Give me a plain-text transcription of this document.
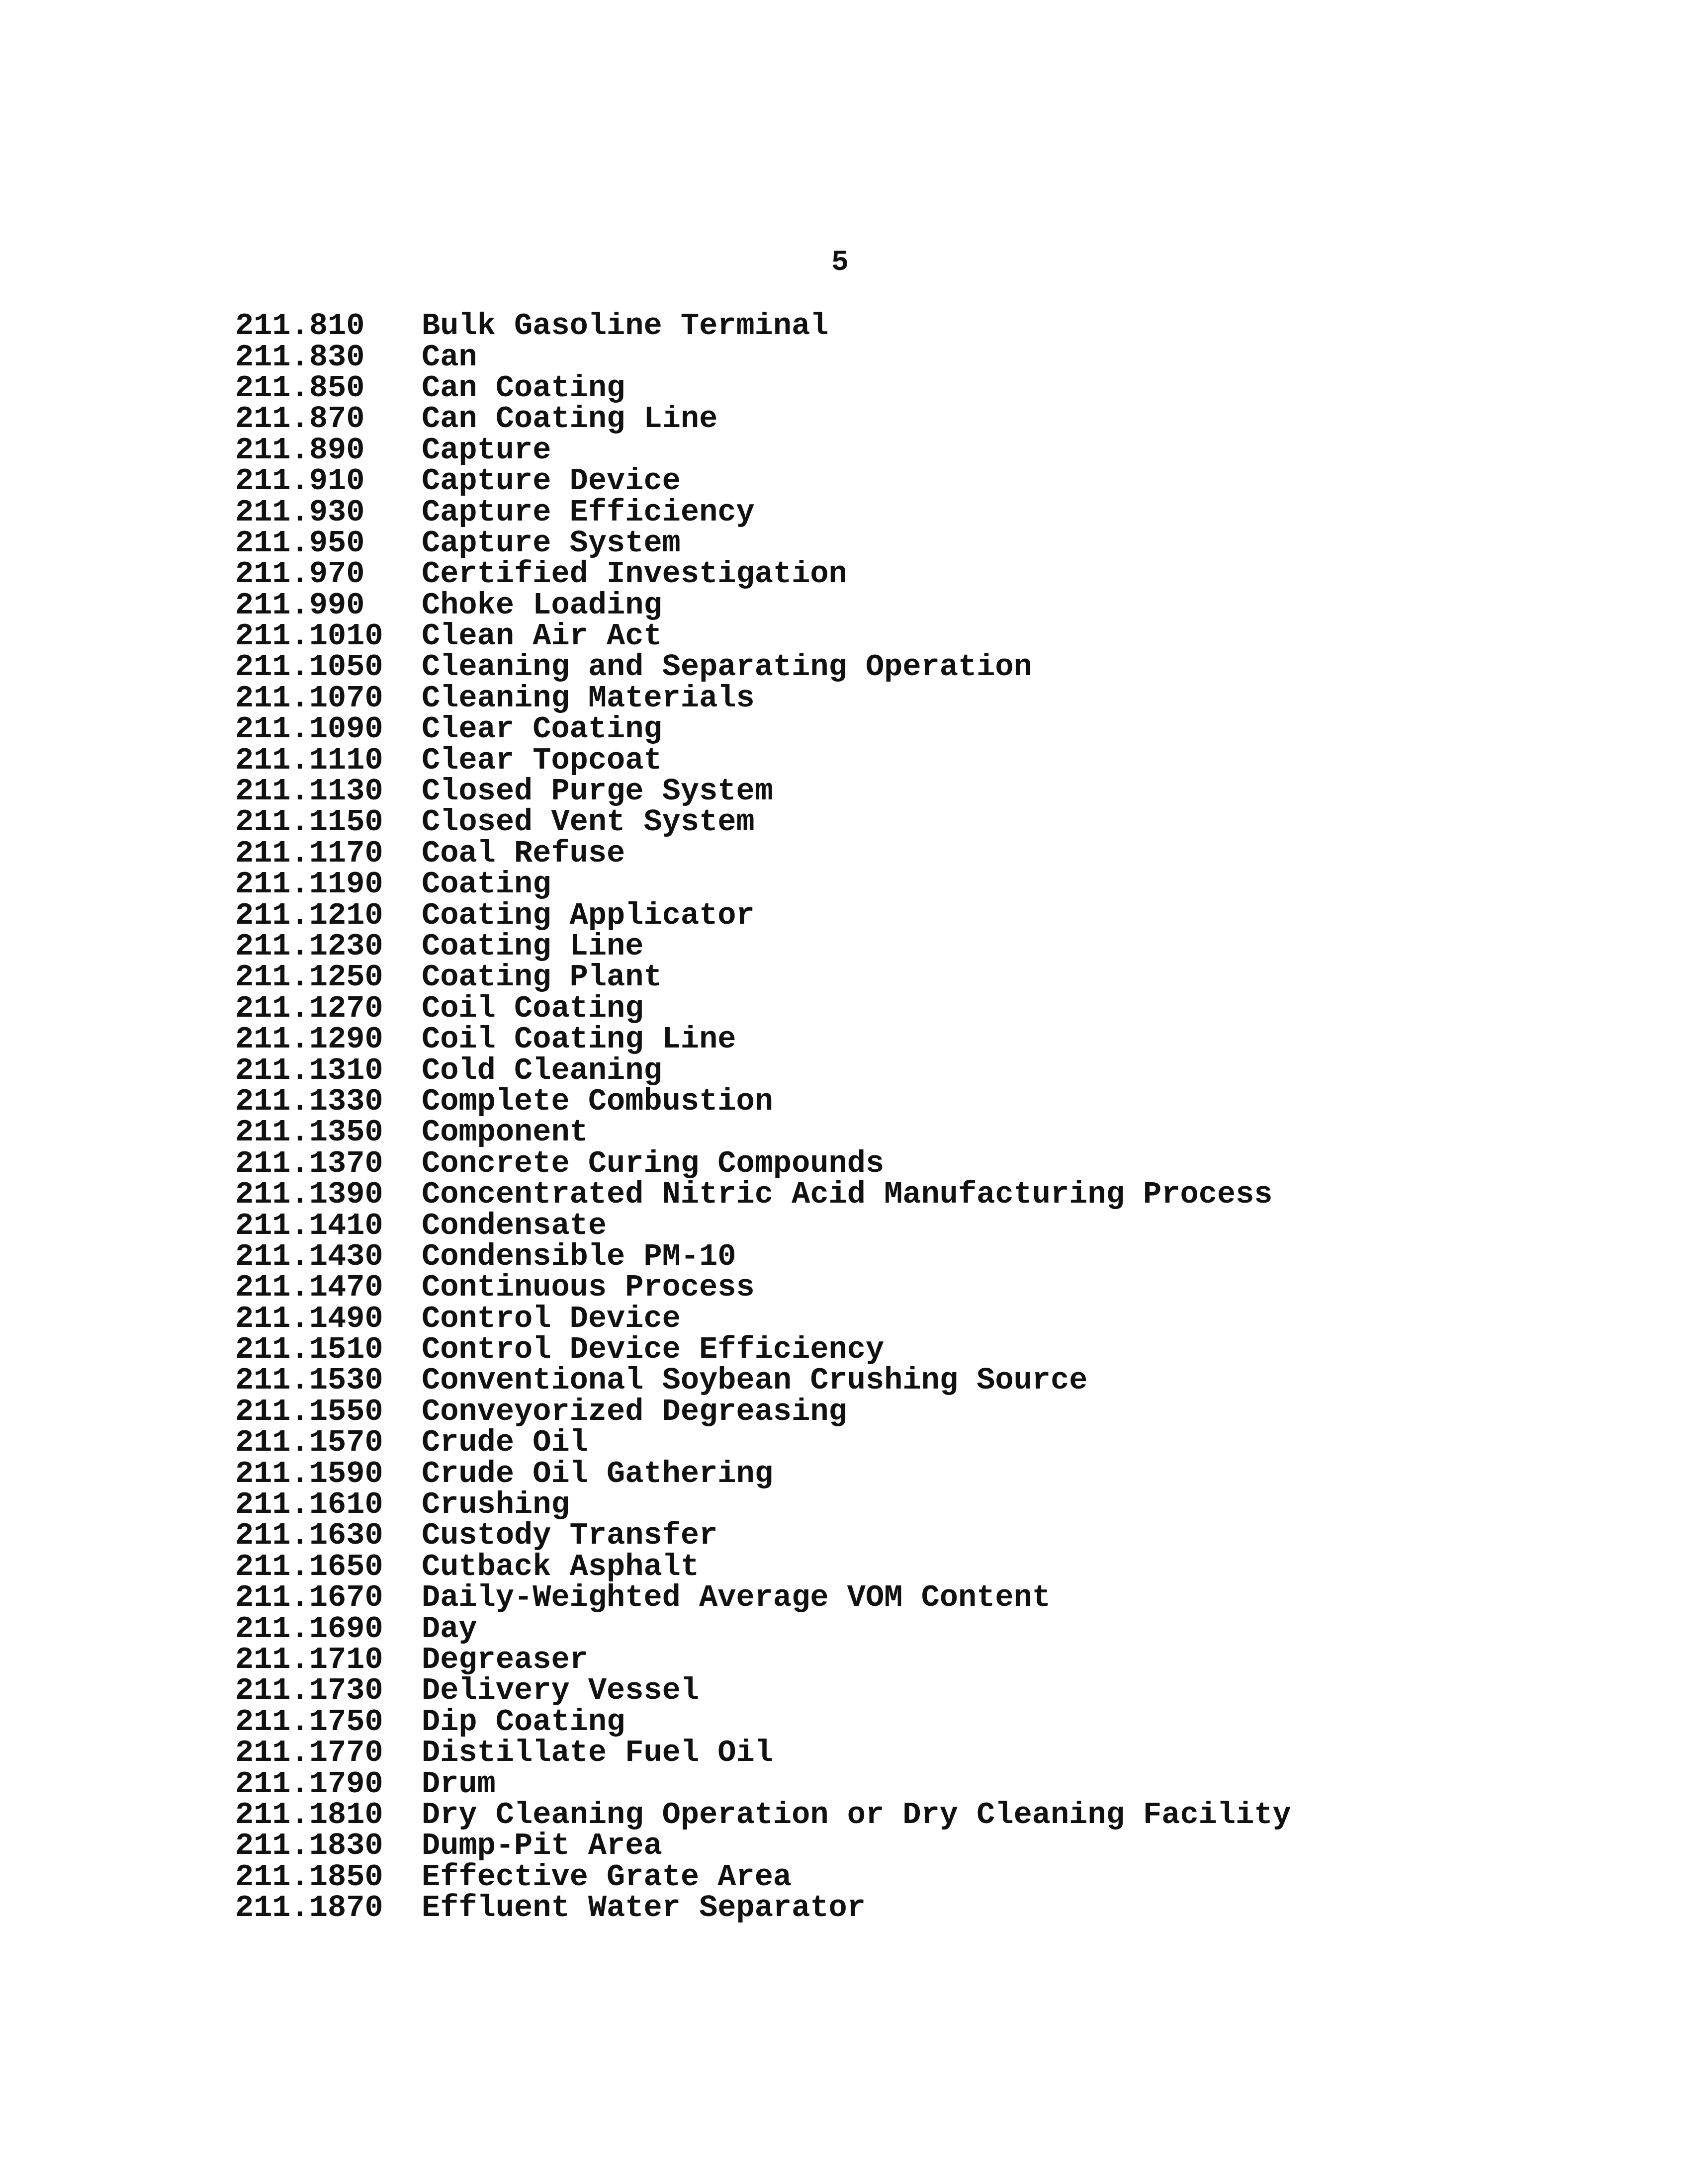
5
211.810	Bulk Gasoline Terminal
211.830	Can
211.850	Can Coating
211.870	Can Coating Line
211.890	Capture
211.910	Capture Device
211.930	Capture Efficiency
211.950	Capture System
211.970	Certified Investigation
211.990	Choke Loading
211.1010	Clean Air Act
211.1050	Cleaning and Separating Operation
211.1070	Cleaning Materials
211.1090	Clear Coating
211.1110	Clear Topcoat
211.1130	Closed Purge System
211.1150	Closed Vent System
211.1170	Coal Refuse
211.1190	Coating
211.1210	Coating Applicator
211.1230	Coating Line
211.1250	Coating Plant
211.1270	Coil Coating
211.1290	Coil Coating Line
211.1310	Cold Cleaning
211.1330	Complete Combustion
211.1350	Component
211.1370	Concrete Curing Compounds
211.1390	Concentrated Nitric Acid Manufacturing Process
211.1410	Condensate
211.1430	Condensible PM-10
211.1470	Continuous Process
211.1490	Control Device
211.1510	Control Device Efficiency
211.1530	Conventional Soybean Crushing Source
211.1550	Conveyorized Degreasing
211.1570	Crude Oil
211.1590	Crude Oil Gathering
211.1610	Crushing
211.1630	Custody Transfer
211.1650	Cutback Asphalt
211.1670	Daily-Weighted Average VOM Content
211.1690	Day
211.1710	Degreaser
211.1730	Delivery Vessel
211.1750	Dip Coating
211.1770	Distillate Fuel Oil
211.1790	Drum
211.1810	Dry Cleaning Operation or Dry Cleaning Facility
211.1830	Dump-Pit Area
211.1850	Effective Grate Area
211.1870	Effluent Water Separator
